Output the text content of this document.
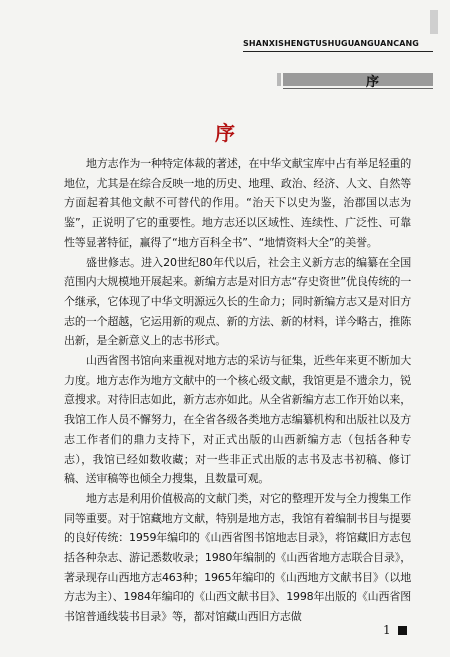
SHANXISHENGTUSHUGUANGUANCANG
序
序

地方志作为一种特定体裁的著述，在中华文献宝库中占有举足轻重的地位，尤其是在综合反映一地的历史、地理、政治、经济、人文、自然等方面起着其他文献不可替代的作用。“治天下以史为鉴，治郡国以志为鉴”，正说明了它的重要性。地方志还以区域性、连续性、广泛性、可靠性等显著特征，赢得了“地方百科全书”、“地情资料大全”的美誉。

盛世修志。进入20世纪80年代以后，社会主义新方志的编纂在全国范围内大规模地开展起来。新编方志是对旧方志“存史资世”优良传统的一个继承，它体现了中华文明源远久长的生命力；同时新编方志又是对旧方志的一个超越，它运用新的观点、新的方法、新的材料，详今略古，推陈出新，是全新意义上的志书形式。

山西省图书馆向来重视对地方志的采访与征集，近些年来更不断加大力度。地方志作为地方文献中的一个核心级文献，我馆更是不遗余力，锐意搜求。对待旧志如此，新方志亦如此。从全省新编方志工作开始以来，我馆工作人员不懈努力，在全省各级各类地方志编纂机构和出版社以及方志工作者们的鼎力支持下，对正式出版的山西新编方志（包括各种专志），我馆已经如数收藏；对一些非正式出版的志书及志书初稿、修订稿、送审稿等也倾全力搜集，且数量可观。

地方志是利用价值极高的文献门类，对它的整理开发与全力搜集工作同等重要。对于馆藏地方文献，特别是地方志，我馆有着编制书目与提要的良好传统：1959年编印的《山西省图书馆地志目录》，将馆藏旧方志包括各种杂志、游记悉数收录；1980年编制的《山西省地方志联合目录》，著录现存山西地方志463种；1965年编印的《山西地方文献书目》（以地方志为主）、1984年编印的《山西文献书目》、1998年出版的《山西省图书馆普通线装书目录》等，都对馆藏山西旧方志做

1
